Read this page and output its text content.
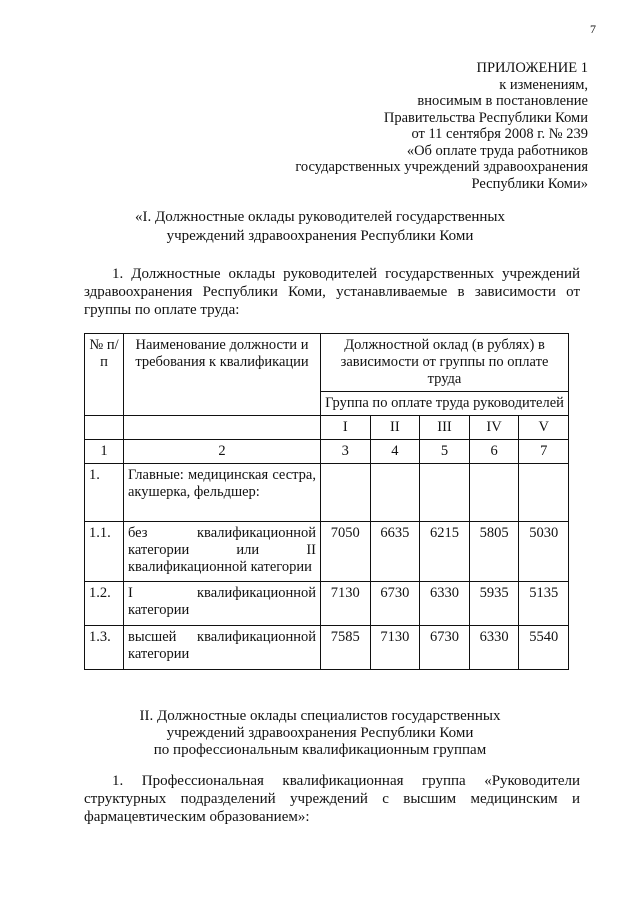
7
ПРИЛОЖЕНИЕ 1
к изменениям,
вносимым в постановление
Правительства Республики Коми
от 11 сентября 2008 г. № 239
«Об оплате труда работников
государственных учреждений здравоохранения
Республики Коми»
«I. Должностные оклады руководителей государственных
учреждений здравоохранения Республики Коми
1. Должностные оклады руководителей государственных учреждений здравоохранения Республики Коми, устанавливаемые в зависимости от группы по оплате труда:
№ п/п	Наименование должности и требования к квалификации	Должностной оклад (в рублях) в зависимости от группы по оплате труда				
		Группа по оплате труда руководителей				
		I	II	III	IV	V
1	2	3	4	5	6	7
1.	Главные: медицинская сестра, акушерка, фельдшер:					
1.1.	без квалификационной категории или II квалификационной категории	7050	6635	6215	5805	5030
1.2.	I квалификационной категории	7130	6730	6330	5935	5135
1.3.	высшей квалификационной категории	7585	7130	6730	6330	5540
II. Должностные оклады специалистов государственных
учреждений здравоохранения Республики Коми
по профессиональным квалификационным группам
1. Профессиональная квалификационная группа «Руководители структурных подразделений учреждений с высшим медицинским и фармацевтическим образованием»:
